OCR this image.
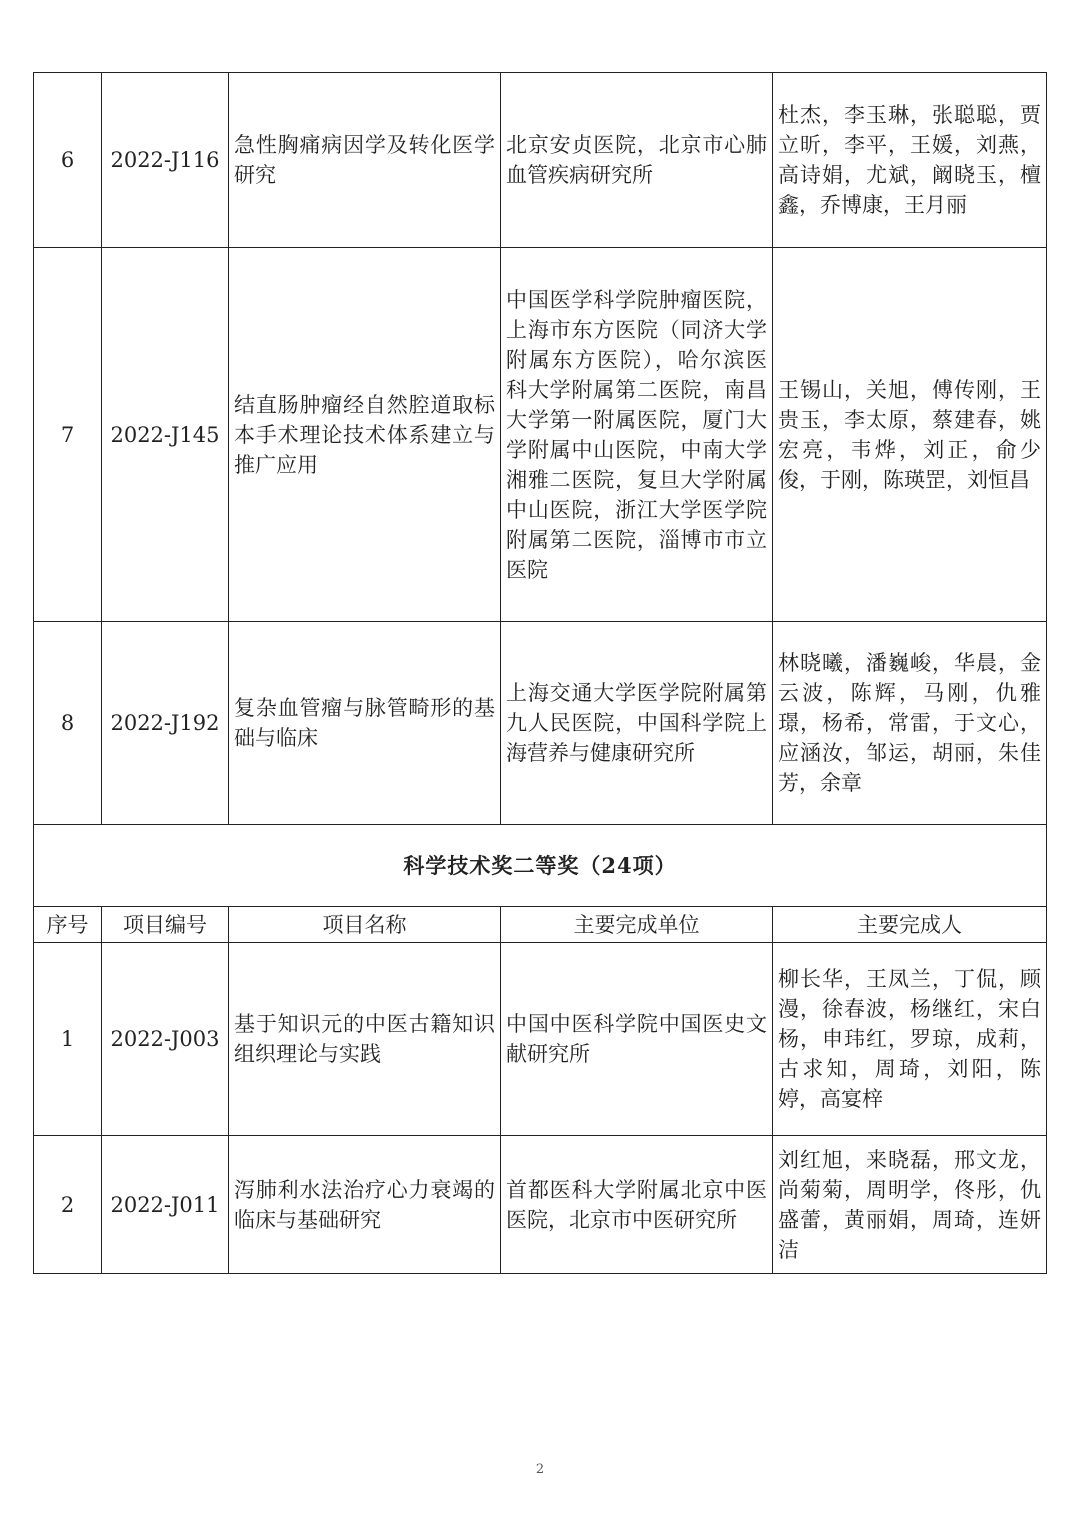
6	2022-J116	急性胸痛病因学及转化医学研究	北京安贞医院，北京市心肺血管疾病研究所	杜杰，李玉琳，张聪聪，贾立昕，李平，王媛，刘燕，高诗娟，尤斌，阚晓玉，檀鑫，乔博康，王月丽
7	2022-J145	结直肠肿瘤经自然腔道取标本手术理论技术体系建立与推广应用	中国医学科学院肿瘤医院，上海市东方医院（同济大学附属东方医院），哈尔滨医科大学附属第二医院，南昌大学第一附属医院，厦门大学附属中山医院，中南大学湘雅二医院，复旦大学附属中山医院，浙江大学医学院附属第二医院，淄博市市立医院	王锡山，关旭，傅传刚，王贵玉，李太原，蔡建春，姚宏亮，韦烨，刘正，俞少俊，于刚，陈瑛罡，刘恒昌
8	2022-J192	复杂血管瘤与脉管畸形的基础与临床	上海交通大学医学院附属第九人民医院，中国科学院上海营养与健康研究所	林晓曦，潘巍峻，华晨，金云波，陈辉，马刚，仇雅璟，杨希，常雷，于文心，应涵汝，邹运，胡丽，朱佳芳，余章
科学技术奖二等奖（24项）				
序号	项目编号	项目名称	主要完成单位	主要完成人
1	2022-J003	基于知识元的中医古籍知识组织理论与实践	中国中医科学院中国医史文献研究所	柳长华，王凤兰，丁侃，顾漫，徐春波，杨继红，宋白杨，申玮红，罗琼，成莉，古求知，周琦，刘阳，陈婷，高宴梓
2	2022-J011	泻肺利水法治疗心力衰竭的临床与基础研究	首都医科大学附属北京中医医院，北京市中医研究所	刘红旭，来晓磊，邢文龙，尚菊菊，周明学，佟彤，仇盛蕾，黄丽娟，周琦，连妍洁
2
